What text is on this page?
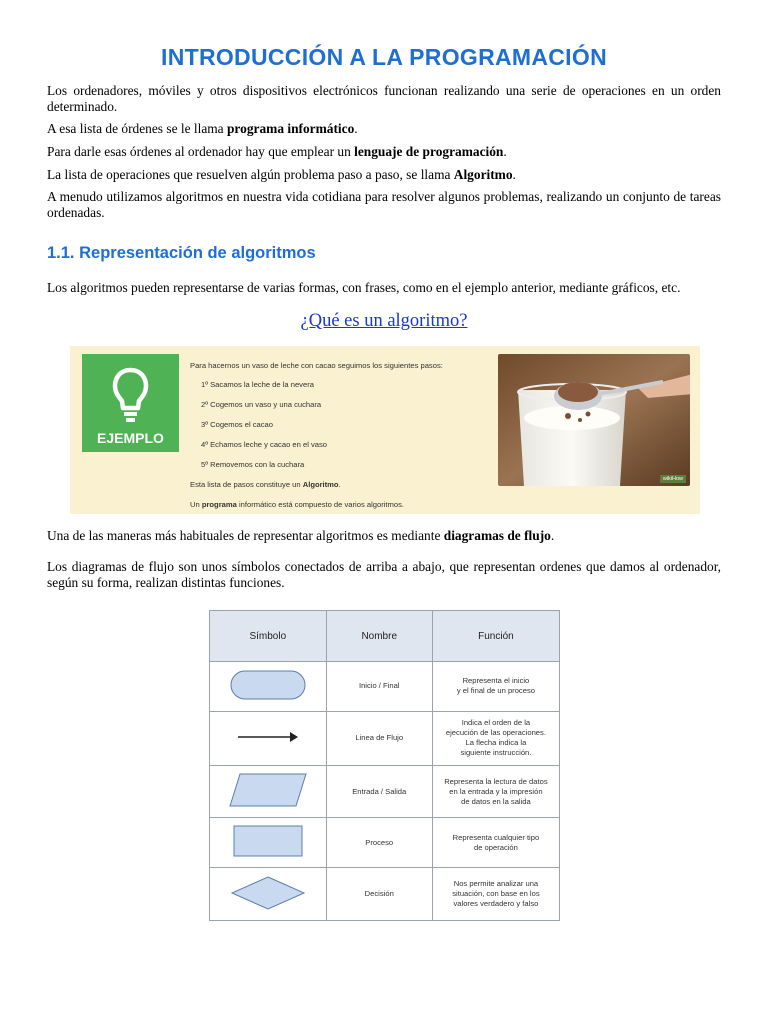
INTRODUCCIÓN A LA PROGRAMACIÓN
Los ordenadores, móviles y otros dispositivos electrónicos funcionan realizando una serie de operaciones en un orden determinado.
A esa lista de órdenes se le llama programa informático.
Para darle esas órdenes al ordenador hay que emplear un lenguaje de programación.
La lista de operaciones que resuelven algún problema paso a paso, se llama Algoritmo.
A menudo utilizamos algoritmos en nuestra vida cotidiana para resolver algunos problemas, realizando un conjunto de tareas ordenadas.
1.1. Representación de algoritmos
Los algoritmos pueden representarse de varias formas, con frases, como en el ejemplo anterior, mediante gráficos, etc.
¿Qué es un algoritmo?
EJEMPLO
Para hacernos un vaso de leche con cacao seguimos los siguientes pasos:
1º Sacamos la leche de la nevera
2º Cogemos un vaso y una cuchara
3º Cogemos el cacao
4º Echamos leche y cacao en el vaso
5º Removemos con la cuchara
Esta lista de pasos constituye un Algoritmo.
Un programa informático está compuesto de varios algoritmos.
wikiHow
Una de las maneras más habituales de representar algoritmos es mediante diagramas de flujo.
Los diagramas de flujo son unos símbolos conectados de arriba a abajo, que representan ordenes que damos al ordenador, según su forma, realizan distintas funciones.
Símbolo	Nombre	Función
	Inicio / Final	Representa el inicio
y el final de un proceso

	Linea de Flujo	Indica el orden de la
ejecución de las operaciones.
La flecha indica la
siguiente instrucción.

	Entrada / Salida	Representa la lectura de datos
en la entrada y la impresión
de datos en la salida

	Proceso	Representa cualquier tipo
de operación

	Decisión	Nos permite analizar una
situación, con base en los
valores verdadero y falso
